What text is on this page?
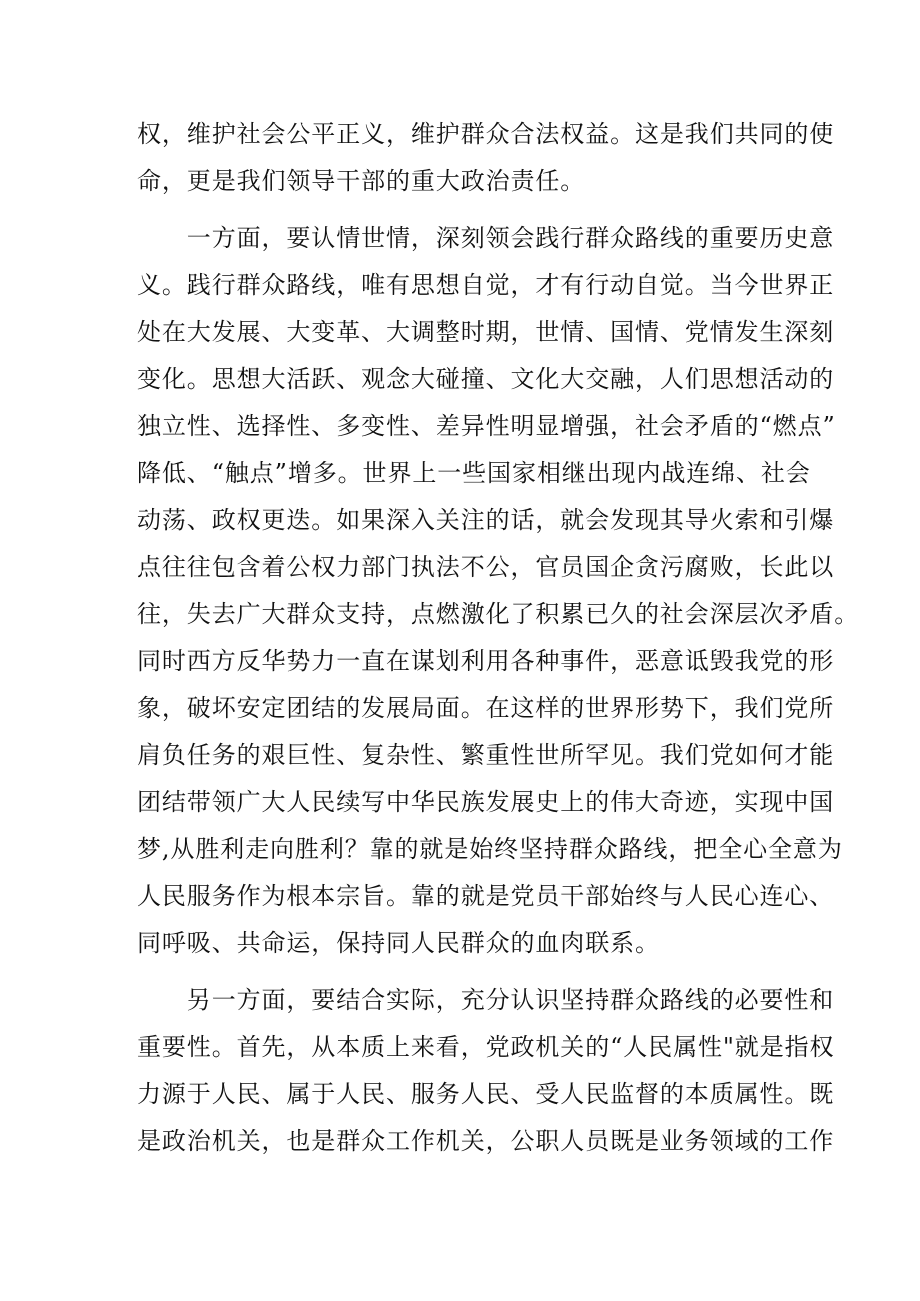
权，维护社会公平正义，维护群众合法权益。这是我们共同的使
命，更是我们领导干部的重大政治责任。
　　一方面，要认情世情，深刻领会践行群众路线的重要历史意
义。践行群众路线，唯有思想自觉，才有行动自觉。当今世界正
处在大发展、大变革、大调整时期，世情、国情、党情发生深刻
变化。思想大活跃、观念大碰撞、文化大交融，人们思想活动的
独立性、选择性、多变性、差异性明显增强，社会矛盾的“燃点”
降低、“触点”增多。世界上一些国家相继出现内战连绵、社会
动荡、政权更迭。如果深入关注的话，就会发现其导火索和引爆
点往往包含着公权力部门执法不公，官员国企贪污腐败，长此以
往，失去广大群众支持，点燃激化了积累已久的社会深层次矛盾。
同时西方反华势力一直在谋划利用各种事件，恶意诋毁我党的形
象，破坏安定团结的发展局面。在这样的世界形势下，我们党所
肩负任务的艰巨性、复杂性、繁重性世所罕见。我们党如何才能
团结带领广大人民续写中华民族发展史上的伟大奇迹，实现中国
梦,从胜利走向胜利？靠的就是始终坚持群众路线，把全心全意为
人民服务作为根本宗旨。靠的就是党员干部始终与人民心连心、
同呼吸、共命运，保持同人民群众的血肉联系。
　　另一方面，要结合实际，充分认识坚持群众路线的必要性和
重要性。首先，从本质上来看，党政机关的“人民属性"就是指权
力源于人民、属于人民、服务人民、受人民监督的本质属性。既
是政治机关，也是群众工作机关，公职人员既是业务领域的工作
